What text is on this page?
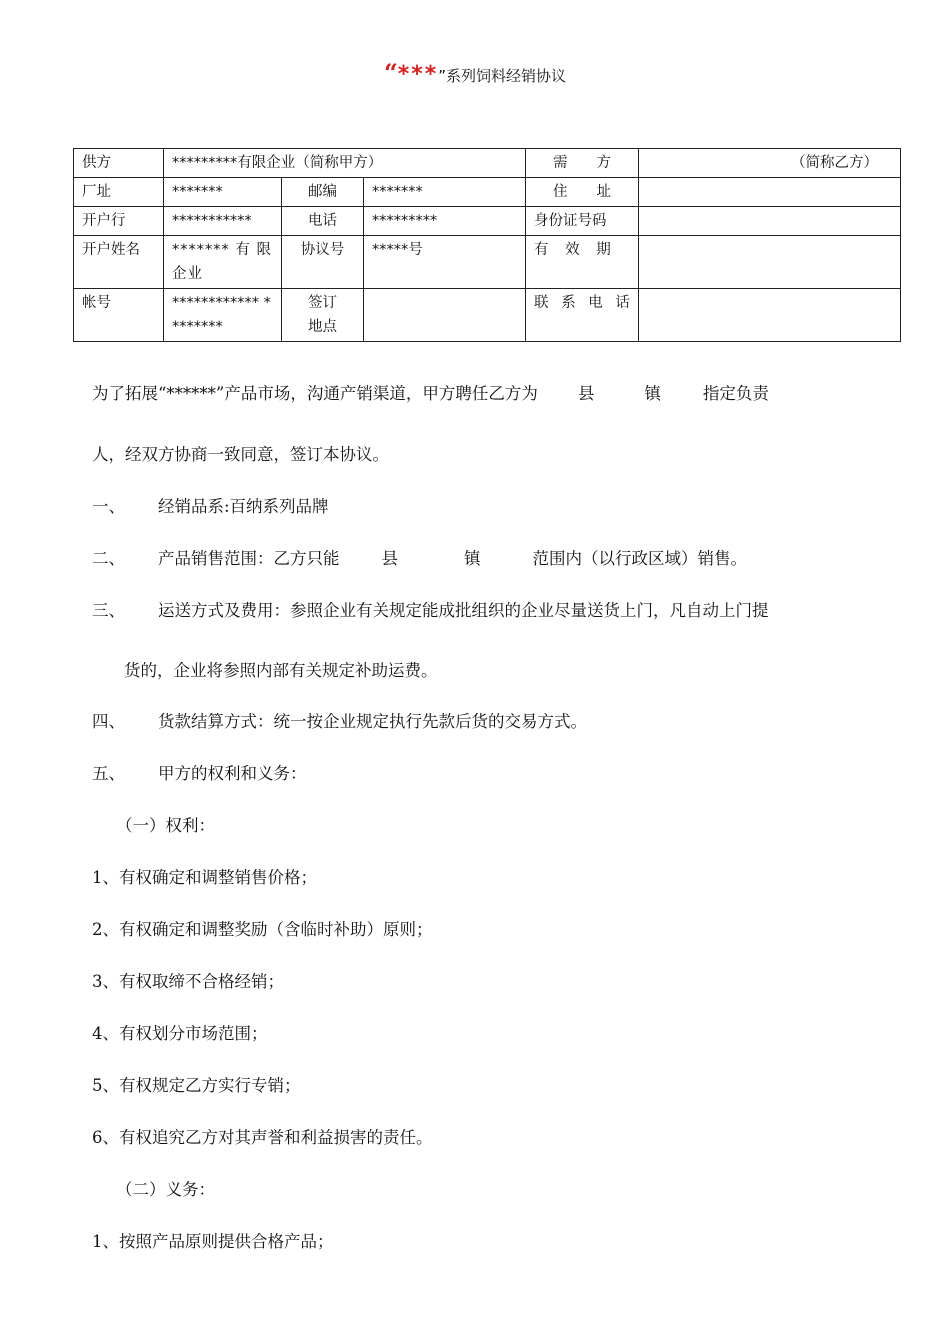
“***”系列饲料经销协议
供方	*********有限企业（简称甲方）			需　　方	（简称乙方）
厂址	*******	邮编	*******	住　　址	
开户行	***********	电话	*********	身份证号码	
开户姓名	******* 有 限 企业	协议号	*****号	有 效 期	
帐号	************ ********	签订 地点		联 系 电 话	
为了拓展“******”产品市场，沟通产销渠道，甲方聘任乙方为 县	镇	指定负责
人，经双方协商一致同意，签订本协议。
一、 经销品系:百纳系列品牌
二、 产品销售范围：乙方只能	县	镇	范围内（以行政区域）销售。
三、 运送方式及费用：参照企业有关规定能成批组织的企业尽量送货上门，凡自动上门提
货的，企业将参照内部有关规定补助运费。
四、 货款结算方式：统一按企业规定执行先款后货的交易方式。
五、 甲方的权利和义务：
（一）权利：
1、有权确定和调整销售价格；
2、有权确定和调整奖励（含临时补助）原则；
3、有权取缔不合格经销；
4、有权划分市场范围；
5、有权规定乙方实行专销；
6、有权追究乙方对其声誉和利益损害的责任。
（二）义务：
1、按照产品原则提供合格产品；
